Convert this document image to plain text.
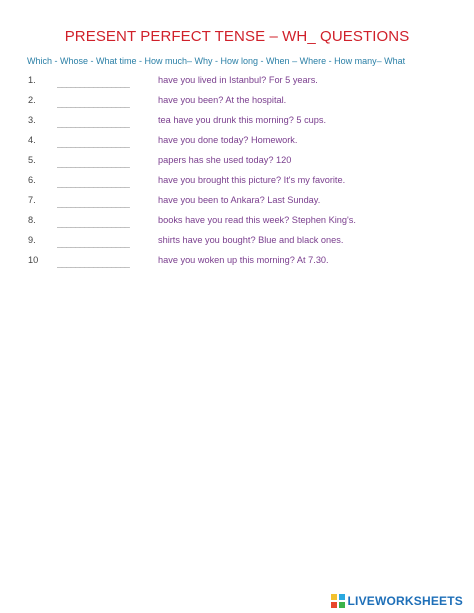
PRESENT PERFECT TENSE – WH_ QUESTIONS
Which - Whose - What time - How much– Why - How long - When – Where - How many– What
1.
________________	have you lived in Istanbul? For 5 years.
2.
________________	have you been? At the hospital.
3.
________________	tea have you drunk this morning? 5 cups.
4.
________________	have you done today? Homework.
5.
________________	papers has she used today? 120
6.
________________	have you brought this picture? It's my favorite.
7.
________________	have you been to Ankara? Last Sunday.
8.
________________	books have you read this week? Stephen King's.
9.
________________	shirts have you bought? Blue and black ones.
10
________________	have you woken up this morning? At 7.30.
LIVEWORKSHEETS
